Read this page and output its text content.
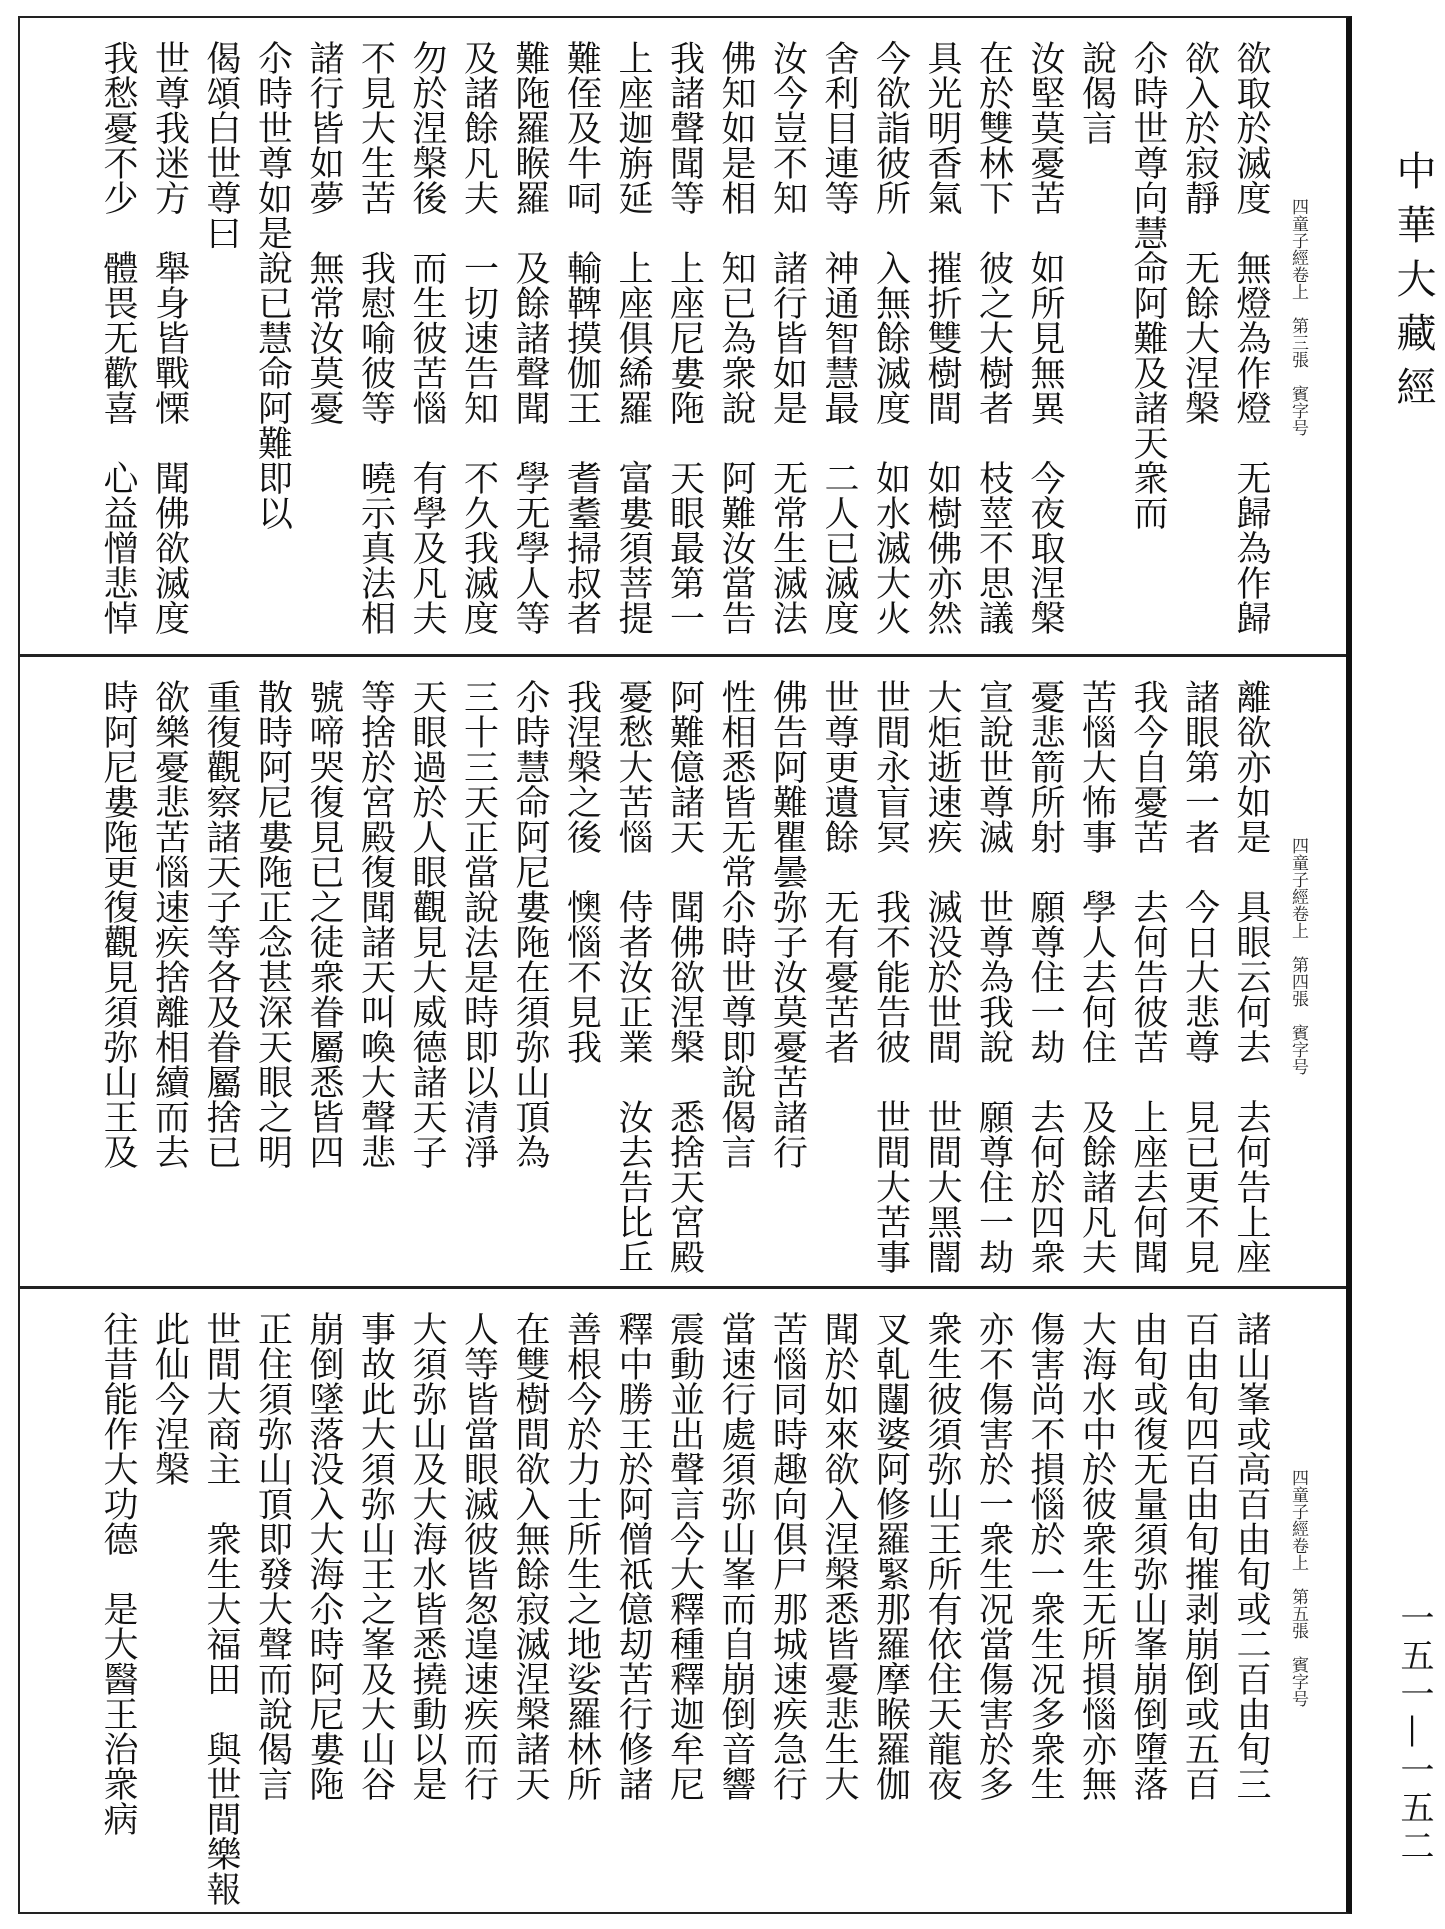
四童子經卷上　第三張　賓字号
欲取於滅度　無燈為作燈　无歸為作歸
欲入於寂靜　无餘大涅槃
尒時世尊向慧命阿難及諸天衆而
說偈言
汝堅莫憂苦　如所見無異　今夜取涅槃
在於雙林下　彼之大樹者　枝莖不思議
具光明香氣　摧折雙樹間　如樹佛亦然
今欲詣彼所　入無餘滅度　如水滅大火
舍利目連等　神通智慧最　二人已滅度
汝今豈不知　諸行皆如是　无常生滅法
佛知如是相　知已為衆說　阿難汝當告
我諸聲聞等　上座尼婁陁　天眼最第一
上座迦旃延　上座俱絺羅　富婁須菩提
難侄及牛呞　輸鞞摸伽王　耆耋掃叔者
難陁羅睺羅　及餘諸聲聞　學无學人等
及諸餘凡夫　一切速告知　不久我滅度
勿於涅槃後　而生彼苦惱　有學及凡夫
不見大生苦　我慰喻彼等　曉示真法相
諸行皆如夢　無常汝莫憂
尒時世尊如是說已慧命阿難即以
偈頌白世尊曰
世尊我迷方　舉身皆戰慄　聞佛欲滅度
我愁憂不少　體畏无歡喜　心益憎悲悼
四童子經卷上　第四張　賓字号
離欲亦如是　具眼云何去　去何告上座
諸眼第一者　今日大悲尊　見已更不見
我今自憂苦　去何告彼苦　上座去何聞
苦惱大怖事　學人去何住　及餘諸凡夫
憂悲箭所射　願尊住一劫　去何於四衆
宣說世尊滅　世尊為我說　願尊住一劫
大炬逝速疾　滅没於世間　世間大黑闇
世間永盲冥　我不能告彼　世間大苦事
世尊更遺餘　无有憂苦者
佛告阿難瞿曇弥子汝莫憂苦諸行
性相悉皆无常尒時世尊即說偈言
阿難億諸天　聞佛欲涅槃　悉捨天宮殿
憂愁大苦惱　侍者汝正業　汝去告比丘
我涅槃之後　懊惱不見我
尒時慧命阿尼婁陁在須弥山頂為
三十三天正當說法是時即以清淨
天眼過於人眼觀見大威德諸天子
等捨於宮殿復聞諸天叫喚大聲悲
號啼哭復見已之徒衆眷屬悉皆四
散時阿尼婁陁正念甚深天眼之明
重復觀察諸天子等各及眷屬捨已
欲樂憂悲苦惱速疾捨離相續而去
時阿尼婁陁更復觀見須弥山王及
四童子經卷上　第五張　賓字号
諸山峯或高百由旬或二百由旬三
百由旬四百由旬摧剥崩倒或五百
由旬或復无量須弥山峯崩倒墮落
大海水中於彼衆生无所損惱亦無
傷害尚不損惱於一衆生况多衆生
亦不傷害於一衆生况當傷害於多
衆生彼須弥山王所有依住天龍夜
叉乹闥婆阿修羅緊那羅摩睺羅伽
聞於如來欲入涅槃悉皆憂悲生大
苦惱同時趣向俱尸那城速疾急行
當速行處須弥山峯而自崩倒音響
震動並出聲言今大釋種釋迦牟尼
釋中勝王於阿僧祇億刧苦行修諸
善根今於力士所生之地娑羅林所
在雙樹間欲入無餘寂滅涅槃諸天
人等皆當眼滅彼皆怱遑速疾而行
大須弥山及大海水皆悉撓動以是
事故此大須弥山王之峯及大山谷
崩倒墜落没入大海尒時阿尼婁陁
正住須弥山頂即發大聲而說偈言
世間大商主　衆生大福田　與世間樂報
此仙今涅槃
往昔能作大功德　是大醫王治衆病
中華大藏經
一五一—一五二
